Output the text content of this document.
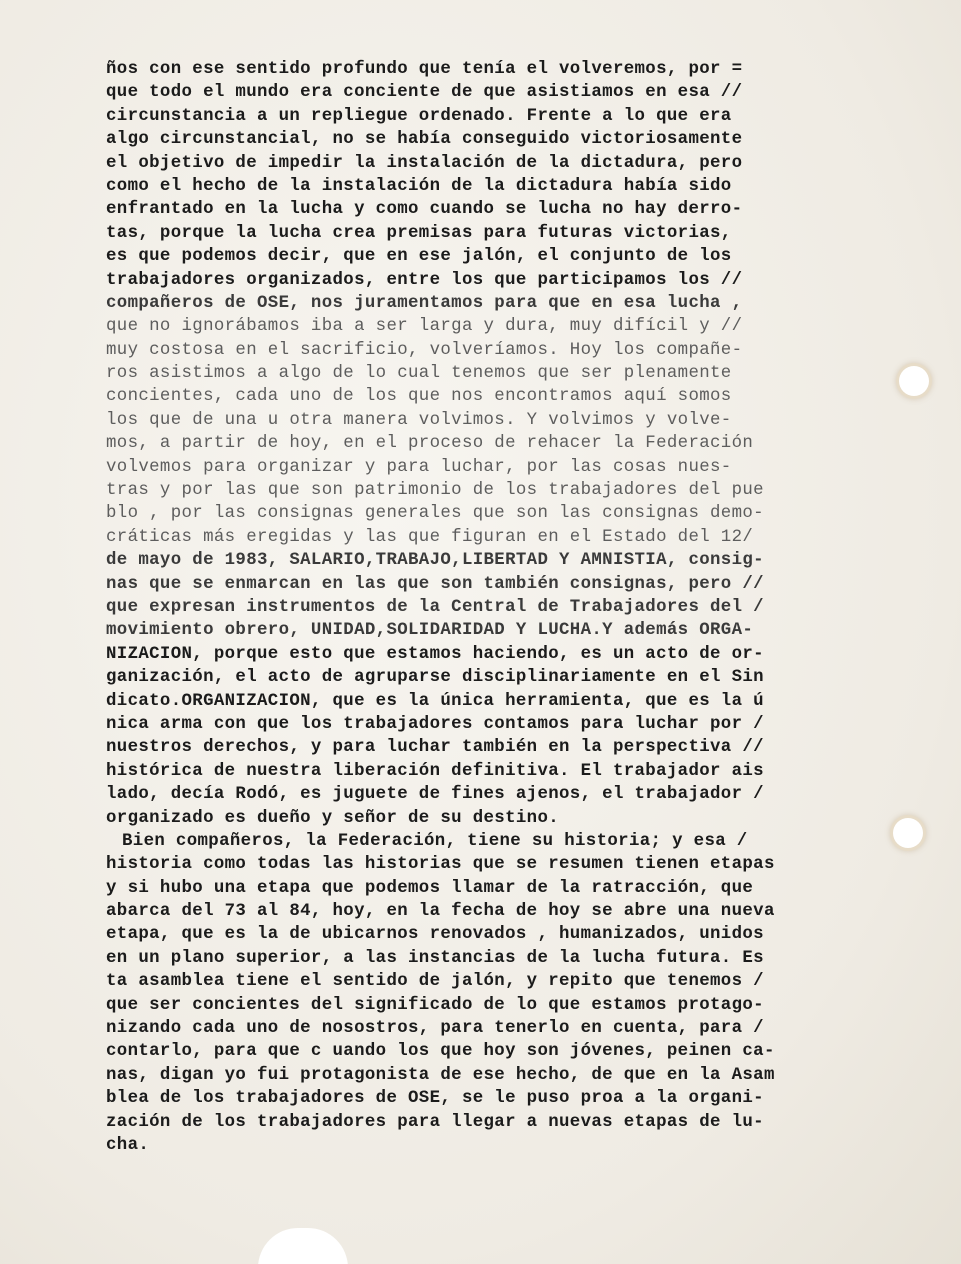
ños con ese sentido profundo que tenía el volveremos, por =
que todo el mundo era conciente de que asistiamos en esa //
circunstancia a un repliegue ordenado. Frente a lo que era
algo circunstancial, no se había conseguido victoriosamente
el objetivo de impedir la instalación de la dictadura, pero
como el hecho de la instalación de la dictadura había sido
enfrantado en la lucha y como cuando se lucha no hay derro-
tas, porque la lucha crea premisas para futuras victorias,
es que podemos decir, que en ese jalón, el conjunto de los
trabajadores organizados, entre los que participamos los //
compañeros de OSE, nos juramentamos para que en esa lucha ,
que no ignorábamos iba a ser larga y dura, muy difícil y //
muy costosa en el sacrificio, volveríamos. Hoy los compañe-
ros asistimos a algo de lo cual tenemos que ser plenamente
concientes, cada uno de los que nos encontramos aquí somos
los que de una u otra manera volvimos. Y volvimos y volve-
mos, a partir de hoy, en el proceso de rehacer la Federación
volvemos para organizar y para luchar, por las cosas nues-
tras y por las que son patrimonio de los trabajadores del pue
blo , por las consignas generales que son las consignas demo-
cráticas más eregidas y las que figuran en el Estado del 12/
de mayo de 1983, SALARIO,TRABAJO,LIBERTAD Y AMNISTIA, consig-
nas que se enmarcan en las que son también consignas, pero //
que expresan instrumentos de la Central de Trabajadores del /
movimiento obrero, UNIDAD,SOLIDARIDAD Y LUCHA.Y además ORGA-
NIZACION, porque esto que estamos haciendo, es un acto de or-
ganización, el acto de agruparse disciplinariamente en el Sin
dicato.ORGANIZACION, que es la única herramienta, que es la ú
nica arma con que los trabajadores contamos para luchar por /
nuestros derechos, y para luchar también en la perspectiva //
histórica de nuestra liberación definitiva. El trabajador ais
lado, decía Rodó, es juguete de fines ajenos, el trabajador /
organizado es dueño y señor de su destino.
Bien compañeros, la Federación, tiene su historia; y esa /
historia como todas las historias que se resumen tienen etapas
y si hubo una etapa que podemos llamar de la ratracción, que
abarca del 73 al 84, hoy, en la fecha de hoy se abre una nueva
etapa, que es la de ubicarnos renovados , humanizados, unidos
en un plano superior, a las instancias de la lucha futura. Es
ta asamblea tiene el sentido de jalón, y repito que tenemos /
que ser concientes del significado de lo que estamos protago-
nizando cada uno de nosostros, para tenerlo en cuenta, para /
contarlo, para que c uando los que hoy son jóvenes, peinen ca-
nas, digan yo fui protagonista de ese hecho, de que en la Asam
blea de los trabajadores de OSE, se le puso proa a la organi-
zación de los trabajadores para llegar a nuevas etapas de lu-
cha.
